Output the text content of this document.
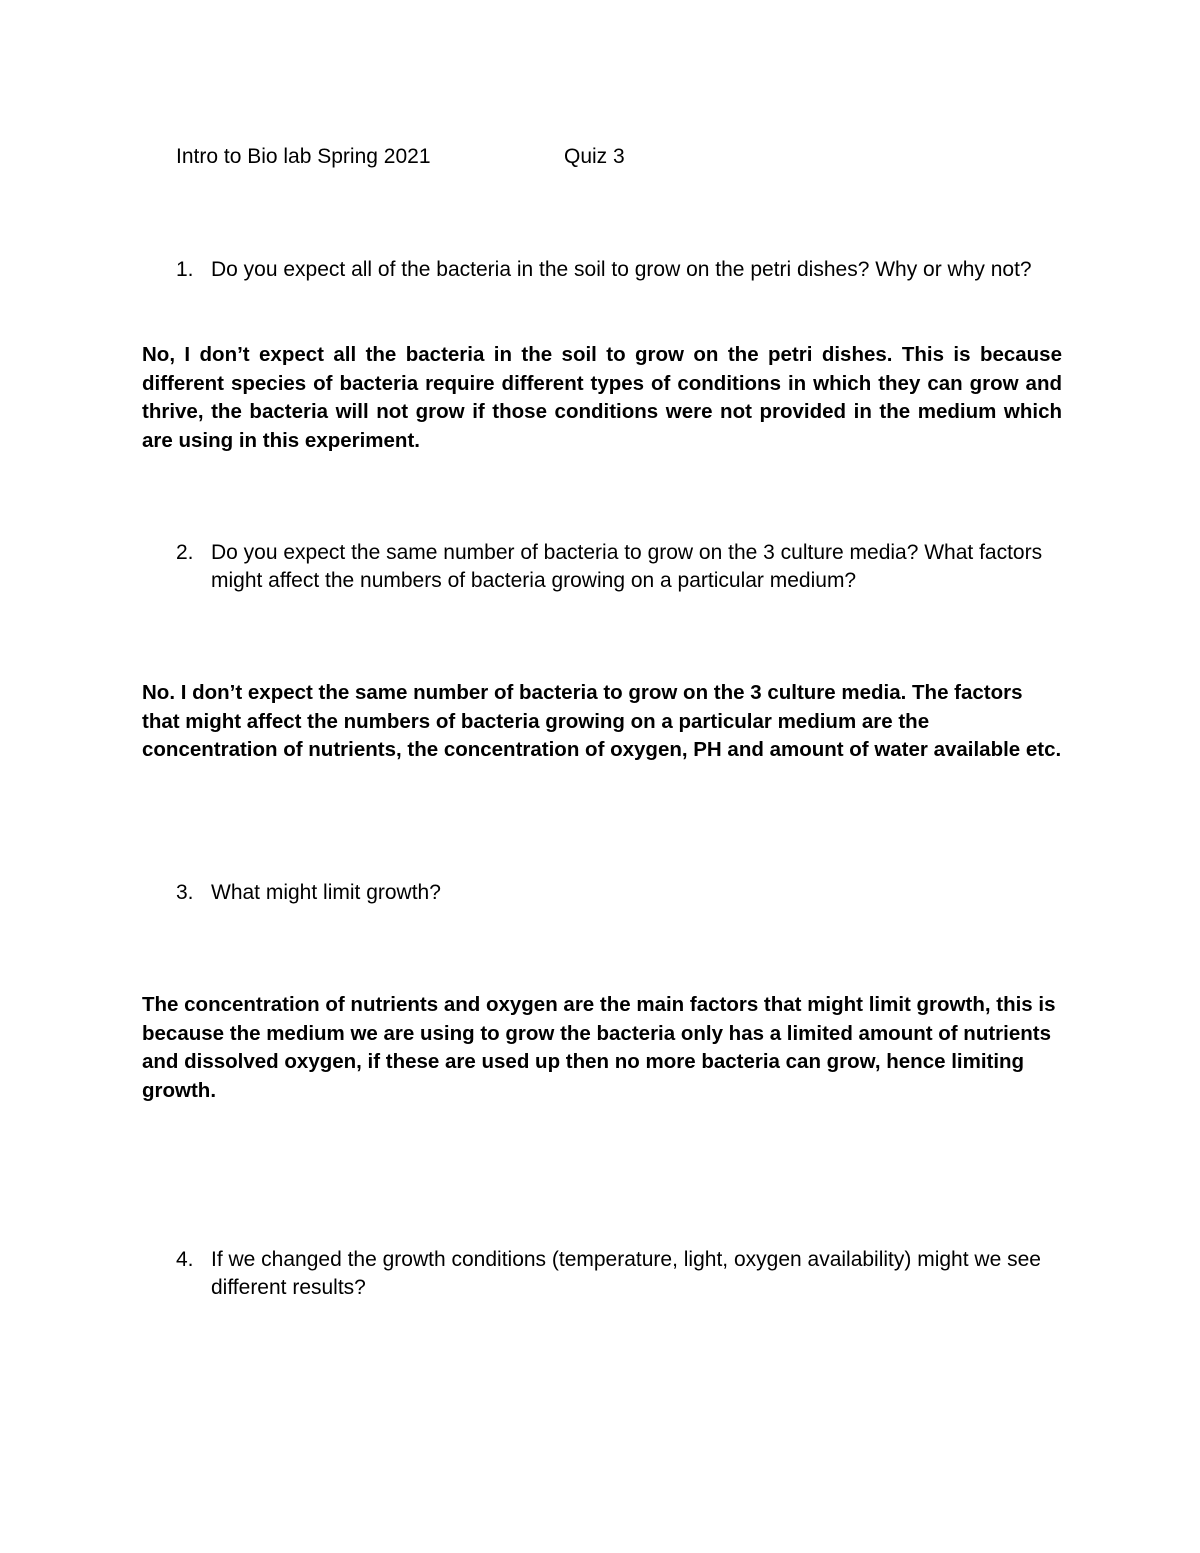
Intro to Bio lab Spring 2021	Quiz 3
1. Do you expect all of the bacteria in the soil to grow on the petri dishes? Why or why not?
No, I don’t expect all the bacteria in the soil to grow on the petri dishes. This is because different species of bacteria require different types of conditions in which they can grow and thrive, the bacteria will not grow if those conditions were not provided in the medium which are using in this experiment.
2. Do you expect the same number of bacteria to grow on the 3 culture media? What factors might affect the numbers of bacteria growing on a particular medium?
No. I don’t expect the same number of bacteria to grow on the 3 culture media. The factors that might affect the numbers of bacteria growing on a particular medium are the concentration of nutrients, the concentration of oxygen, PH and amount of water available etc.
3. What might limit growth?
The concentration of nutrients and oxygen are the main factors that might limit growth, this is because the medium we are using to grow the bacteria only has a limited amount of nutrients and dissolved oxygen, if these are used up then no more bacteria can grow, hence limiting growth.
4. If we changed the growth conditions (temperature, light, oxygen availability) might we see different results?
